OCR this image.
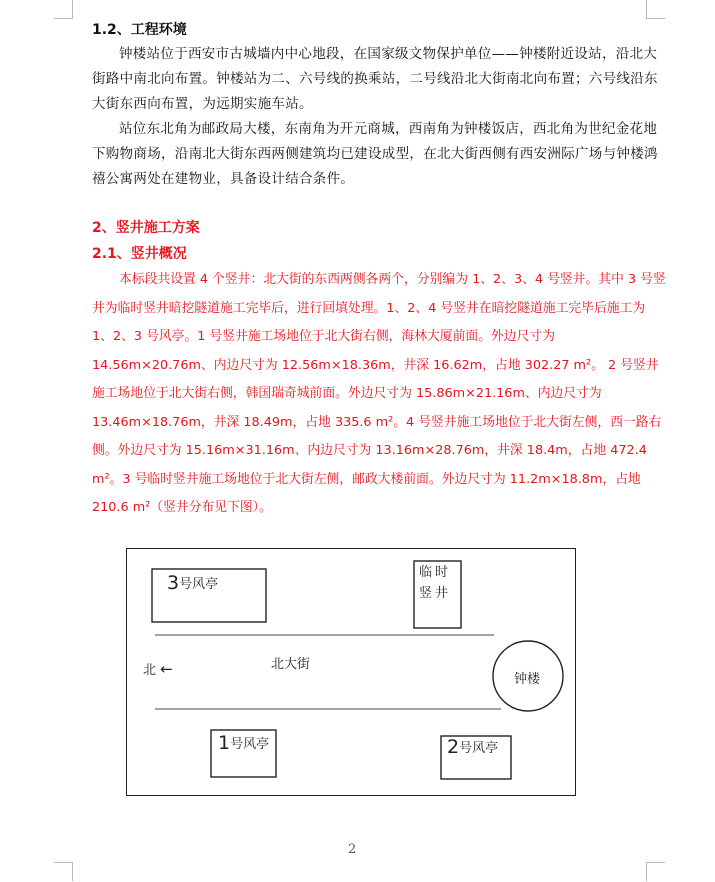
1.2、工程环境

钟楼站位于西安市古城墙内中心地段，在国家级文物保护单位——钟楼附近设站，沿北大街路中南北向布置。钟楼站为二、六号线的换乘站，二号线沿北大街南北向布置；六号线沿东大街东西向布置，为远期实施车站。

站位东北角为邮政局大楼，东南角为开元商城，西南角为钟楼饭店，西北角为世纪金花地下购物商场，沿南北大街东西两侧建筑均已建设成型，在北大街西侧有西安洲际广场与钟楼鸿禧公寓两处在建物业，具备设计结合条件。

2、竖井施工方案
2.1、竖井概况

本标段共设置 4 个竖井：北大街的东西两侧各两个，分别编为 1、2、3、4 号竖井。其中 3 号竖井为临时竖井暗挖隧道施工完毕后，进行回填处理。1、2、4 号竖井在暗挖隧道施工完毕后施工为 1、2、3 号风亭。1 号竖井施工场地位于北大街右侧，海林大厦前面。外边尺寸为 14.56m×20.76m、内边尺寸为 12.56m×18.36m，井深 16.62m，占地 302.27 m²。 2 号竖井施工场地位于北大街右侧，韩国瑞奇城前面。外边尺寸为 15.86m×21.16m、内边尺寸为 13.46m×18.76m，井深 18.49m，占地 335.6 m²。4 号竖井施工场地位于北大街左侧，西一路右侧。外边尺寸为 15.16m×31.16m、内边尺寸为 13.16m×28.76m，井深 18.4m，占地 472.4 m²。3 号临时竖井施工场地位于北大街左侧，邮政大楼前面。外边尺寸为 11.2m×18.8m，占地 210.6 m²（竖井分布见下图）。

3号风亭
临时竖井
北 ←	北大街
钟楼
1号风亭	2号风亭
2
